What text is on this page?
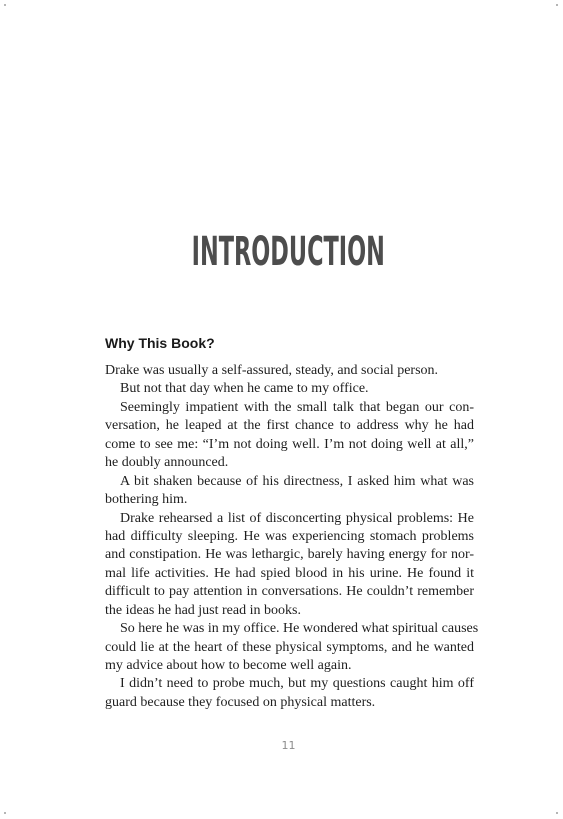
INTRODUCTION
Why This Book?
Drake was usually a self-assured, steady, and social person.
But not that day when he came to my office.
Seemingly impatient with the small talk that began our con-
versation, he leaped at the first chance to address why he had
come to see me: “I’m not doing well. I’m not doing well at all,”
he doubly announced.
A bit shaken because of his directness, I asked him what was
bothering him.
Drake rehearsed a list of disconcerting physical problems: He
had difficulty sleeping. He was experiencing stomach problems
and constipation. He was lethargic, barely having energy for nor-
mal life activities. He had spied blood in his urine. He found it
difficult to pay attention in conversations. He couldn’t remember
the ideas he had just read in books.
So here he was in my office. He wondered what spiritual causes
could lie at the heart of these physical symptoms, and he wanted
my advice about how to become well again.
I didn’t need to probe much, but my questions caught him off
guard because they focused on physical matters.
11
